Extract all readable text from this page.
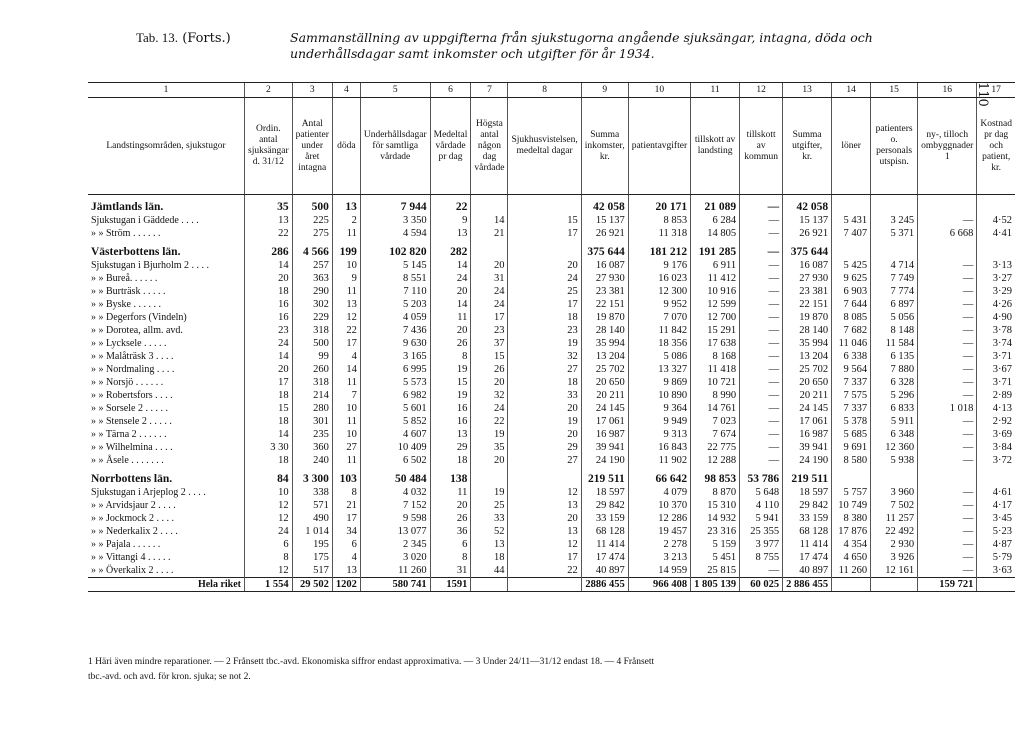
Tab. 13. (Forts.)	Sammanställning av uppgifterna från sjukstugorna angående sjuksängar, intagna, döda och underhållsdagar samt inkomster och utgifter för år 1934.
110
1	2	3	4	5	6	7	8	9	10	11	12	13	14	15	16	17
Landstingsområden, sjukstugor	Ordin. antal sjuksängar d. 31/12	Antal patienter under året intagna	döda	Underhållsdagar för samtliga vårdade	Medeltal vårdade pr dag	Högsta antal någon dag vårdade	Sjukhusvistelsen, medeltal dagar	Summa inkomster, kr.	patientavgifter	tillskott av landsting	tillskott av kommun	Summa utgifter, kr.	löner	patienters o. personals utspisn.	ny-, tilloch ombyggnader 1	Kostnad pr dag och patient, kr.
Jämtlands län.	35	500	13	7 944	22			42 058	20 171	21 089	—	42 058				
Sjukstugan i Gäddede . . . .	13	225	2	3 350	9	14	15	15 137	8 853	6 284	—	15 137	5 431	3 245	—	4·52
» » Ström . . . . . .	22	275	11	4 594	13	21	17	26 921	11 318	14 805	—	26 921	7 407	5 371	6 668	4·41
Västerbottens län.	286	4 566	199	102 820	282			375 644	181 212	191 285	—	375 644				
Sjukstugan i Bjurholm 2 . . . .	14	257	10	5 145	14	20	20	16 087	9 176	6 911	—	16 087	5 425	4 714	—	3·13
» » Bureå. . . . . .	20	363	9	8 551	24	31	24	27 930	16 023	11 412	—	27 930	9 625	7 749	—	3·27
» » Burträsk . . . . .	18	290	11	7 110	20	24	25	23 381	12 300	10 916	—	23 381	6 903	7 774	—	3·29
» » Byske . . . . . .	16	302	13	5 203	14	24	17	22 151	9 952	12 599	—	22 151	7 644	6 897	—	4·26
» » Degerfors (Vindeln)	16	229	12	4 059	11	17	18	19 870	7 070	12 700	—	19 870	8 085	5 056	—	4·90
» » Dorotea, allm. avd.	23	318	22	7 436	20	23	23	28 140	11 842	15 291	—	28 140	7 682	8 148	—	3·78
» » Lycksele . . . . .	24	500	17	9 630	26	37	19	35 994	18 356	17 638	—	35 994	11 046	11 584	—	3·74
» » Malåträsk 3 . . . .	14	99	4	3 165	8	15	32	13 204	5 086	8 168	—	13 204	6 338	6 135	—	3·71
» » Nordmaling . . . .	20	260	14	6 995	19	26	27	25 702	13 327	11 418	—	25 702	9 564	7 880	—	3·67
» » Norsjö . . . . . .	17	318	11	5 573	15	20	18	20 650	9 869	10 721	—	20 650	7 337	6 328	—	3·71
» » Robertsfors . . . .	18	214	7	6 982	19	32	33	20 211	10 890	8 990	—	20 211	7 575	5 296	—	2·89
» » Sorsele 2 . . . . .	15	280	10	5 601	16	24	20	24 145	9 364	14 761	—	24 145	7 337	6 833	1 018	4·13
» » Stensele 2 . . . . .	18	301	11	5 852	16	22	19	17 061	9 949	7 023	—	17 061	5 378	5 911	—	2·92
» » Tärna 2 . . . . . .	14	235	10	4 607	13	19	20	16 987	9 313	7 674	—	16 987	5 685	6 348	—	3·69
» » Wilhelmina . . . .	3 30	360	27	10 409	29	35	29	39 941	16 843	22 775	—	39 941	9 691	12 360	—	3·84
» » Åsele . . . . . . .	18	240	11	6 502	18	20	27	24 190	11 902	12 288	—	24 190	8 580	5 938	—	3·72
Norrbottens län.	84	3 300	103	50 484	138			219 511	66 642	98 853	53 786	219 511				
Sjukstugan i Arjeplog 2 . . . .	10	338	8	4 032	11	19	12	18 597	4 079	8 870	5 648	18 597	5 757	3 960	—	4·61
» » Arvidsjaur 2 . . . .	12	571	21	7 152	20	25	13	29 842	10 370	15 310	4 110	29 842	10 749	7 502	—	4·17
» » Jockmock 2 . . . .	12	490	17	9 598	26	33	20	33 159	12 286	14 932	5 941	33 159	8 380	11 257	—	3·45
» » Nederkalix 2 . . . .	24	1 014	34	13 077	36	52	13	68 128	19 457	23 316	25 355	68 128	17 876	22 492	—	5·23
» » Pajala . . . . . .	6	195	6	2 345	6	13	12	11 414	2 278	5 159	3 977	11 414	4 354	2 930	—	4·87
» » Vittangi 4 . . . . .	8	175	4	3 020	8	18	17	17 474	3 213	5 451	8 755	17 474	4 650	3 926	—	5·79
» » Överkalix 2 . . . .	12	517	13	11 260	31	44	22	40 897	14 959	25 815	—	40 897	11 260	12 161	—	3·63
Hela riket	1 554	29 502	1202	580 741	1591			2886 455	966 408	1 805 139	60 025	2 886 455			159 721	
1 Häri även mindre reparationer. — 2 Frånsett tbc.-avd. Ekonomiska siffror endast approximativa. — 3 Under 24/11—31/12 endast 18. — 4 Frånsett
tbc.-avd. och avd. för kron. sjuka; se not 2.
